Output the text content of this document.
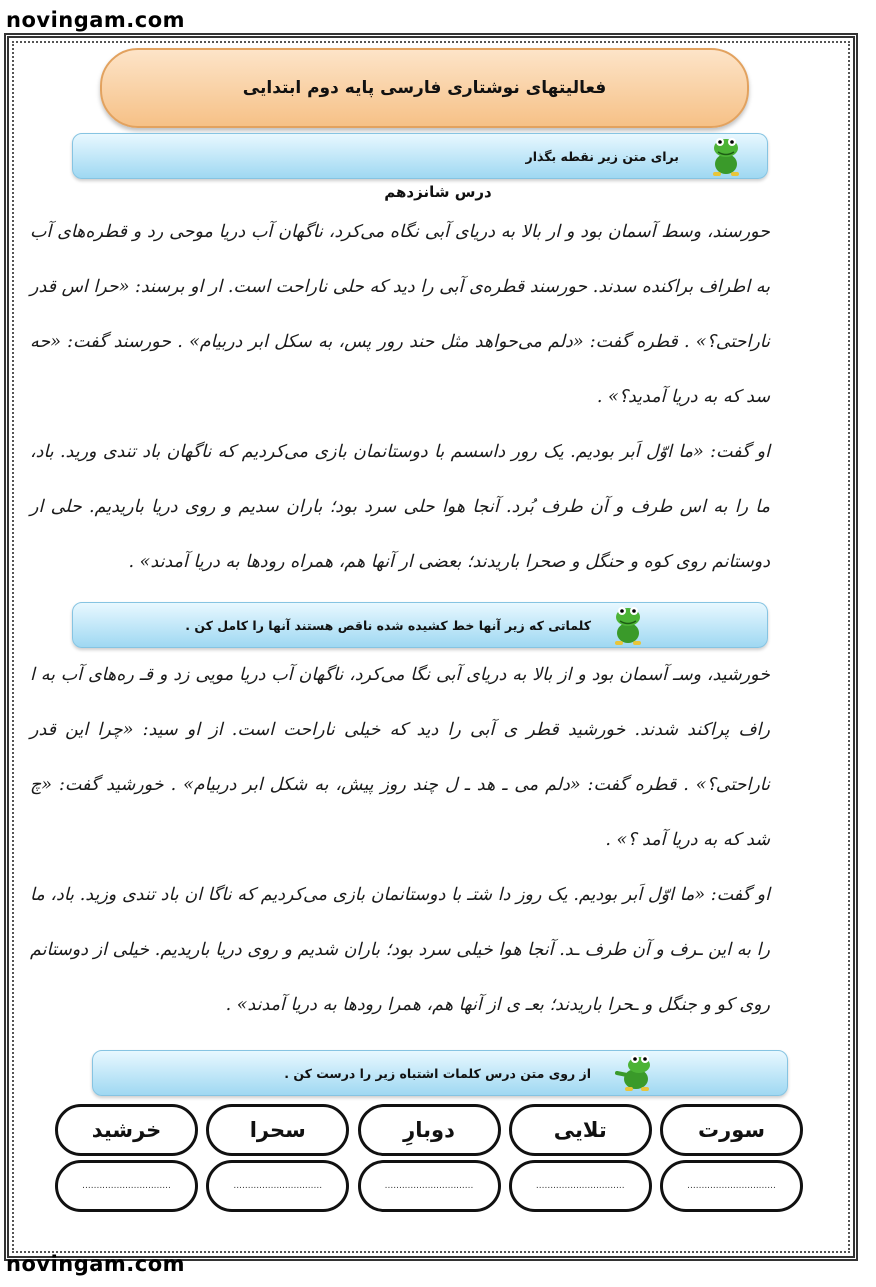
novingam.com
فعالیتهای نوشتاری فارسی پایه دوم ابتدایی
برای متن زیر نقطه بگذار
درس شانزدهم

حورسند، وسط آسمان بود و ار بالا به دریای آبی نگاه می‌کرد، ناگهان آب دریا موحی رد و قطره‌های آب به اطراف براکنده سدند. حورسند قطره‌ی آبی را دید که حلی ناراحت است. ار او برسند: «حرا اس قدر ناراحتی؟» . قطره گفت: «دلم می‌حواهد مثل حند رور پس، به سکل ابر دربیام» . حورسند گفت: «حه سد که به دریا آمدید؟» .

او گفت: «ما اوّل اَبر بودیم. یک رور داسسم با دوستانمان بازی می‌کردیم که ناگهان باد تندی ورید. باد، ما را به اس طرف و آن طرف بُرد. آنجا هوا حلی سرد بود؛ باران سدیم و روی دریا باریدیم. حلی ار دوستانم روی کوه و حنگل و صحرا باریدند؛ بعضی ار آنها هم، همراه رودها به دریا آمدند» .

کلماتی که زیر آنها خط کشیده شده ناقص هستند آنها را کامل کن .

خورشید، وسـ آسمان بود و از بالا به دریای آبی نگا می‌کرد، ناگهان آب دریا مویی زد و قـ ره‌های آب به ا راف پراکند شدند. خورشید قطر ی آبی را دید که خیلی ناراحت است. از او سید: «چرا این قدر ناراحتی؟» . قطره گفت: «دلم می ـ هد ـ ل چند روز پیش، به شکل ابر دربیام» . خورشید گفت: «چ شد که به دریا آمد ؟» .

او گفت: «ما اوّل اَبر بودیم. یک روز دا شتـ با دوستانمان بازی می‌کردیم که ناگا ان باد تندی وزید. باد، ما را به این ـرف و آن طرف ـد. آنجا هوا خیلی سرد بود؛ باران شدیم و روی دریا باریدیم. خیلی از دوستانم روی کو و جنگل و ـحرا باریدند؛ بعـ ی از آنها هم، همرا رودها به دریا آمدند» .

از روی متن درس کلمات اشتباه زیر را درست کن .
سورت
تلایی
دوبارِ
سحرا
خرشید
...............................
...............................
...............................
...............................
...............................
novingam.com
